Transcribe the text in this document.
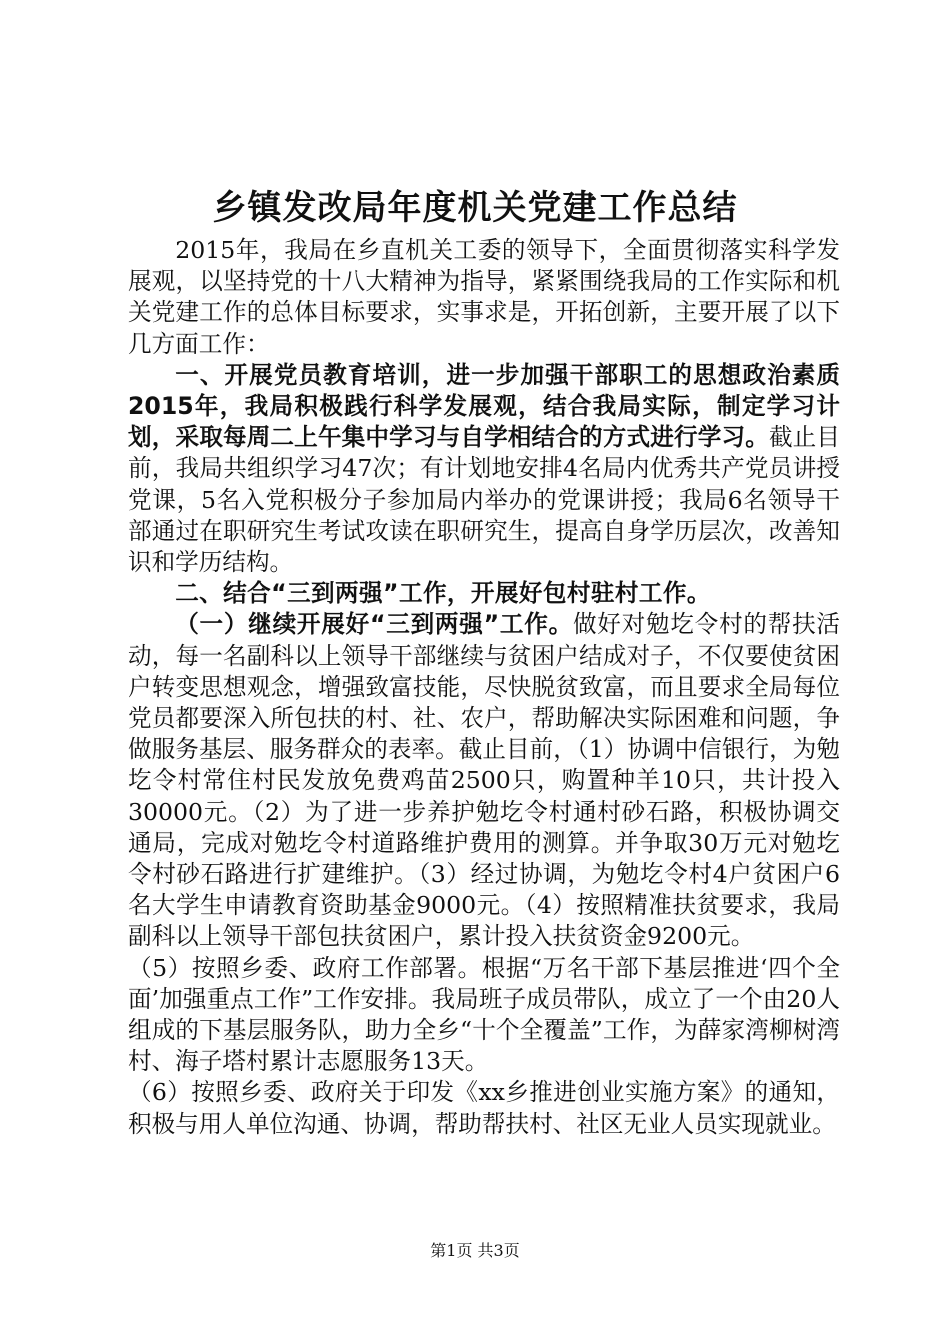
乡镇发改局年度机关党建工作总结

2015年，我局在乡直机关工委的领导下，全面贯彻落实科学发展观，以坚持党的十八大精神为指导，紧紧围绕我局的工作实际和机关党建工作的总体目标要求，实事求是，开拓创新，主要开展了以下几方面工作：

一、开展党员教育培训，进一步加强干部职工的思想政治素质2015年，我局积极践行科学发展观，结合我局实际，制定学习计划，采取每周二上午集中学习与自学相结合的方式进行学习。截止目前，我局共组织学习47次；有计划地安排4名局内优秀共产党员讲授党课，5名入党积极分子参加局内举办的党课讲授；我局6名领导干部通过在职研究生考试攻读在职研究生，提高自身学历层次，改善知识和学历结构。

二、结合“三到两强”工作，开展好包村驻村工作。

（一）继续开展好“三到两强”工作。做好对勉圪令村的帮扶活动，每一名副科以上领导干部继续与贫困户结成对子，不仅要使贫困户转变思想观念，增强致富技能，尽快脱贫致富，而且要求全局每位党员都要深入所包扶的村、社、农户，帮助解决实际困难和问题，争做服务基层、服务群众的表率。截止目前，（1）协调中信银行，为勉圪令村常住村民发放免费鸡苗2500只，购置种羊10只，共计投入30000元。（2）为了进一步养护勉圪令村通村砂石路，积极协调交通局，完成对勉圪令村道路维护费用的测算。并争取30万元对勉圪令村砂石路进行扩建维护。（3）经过协调，为勉圪令村4户贫困户6名大学生申请教育资助基金9000元。（4）按照精准扶贫要求，我局副科以上领导干部包扶贫困户，累计投入扶贫资金9200元。

（5）按照乡委、政府工作部署。根据“万名干部下基层推进‘四个全面’加强重点工作”工作安排。我局班子成员带队，成立了一个由20人组成的下基层服务队，助力全乡“十个全覆盖”工作，为薛家湾柳树湾村、海子塔村累计志愿服务13天。

（6）按照乡委、政府关于印发《xx乡推进创业实施方案》的通知，积极与用人单位沟通、协调，帮助帮扶村、社区无业人员实现就业。

第1页 共3页
